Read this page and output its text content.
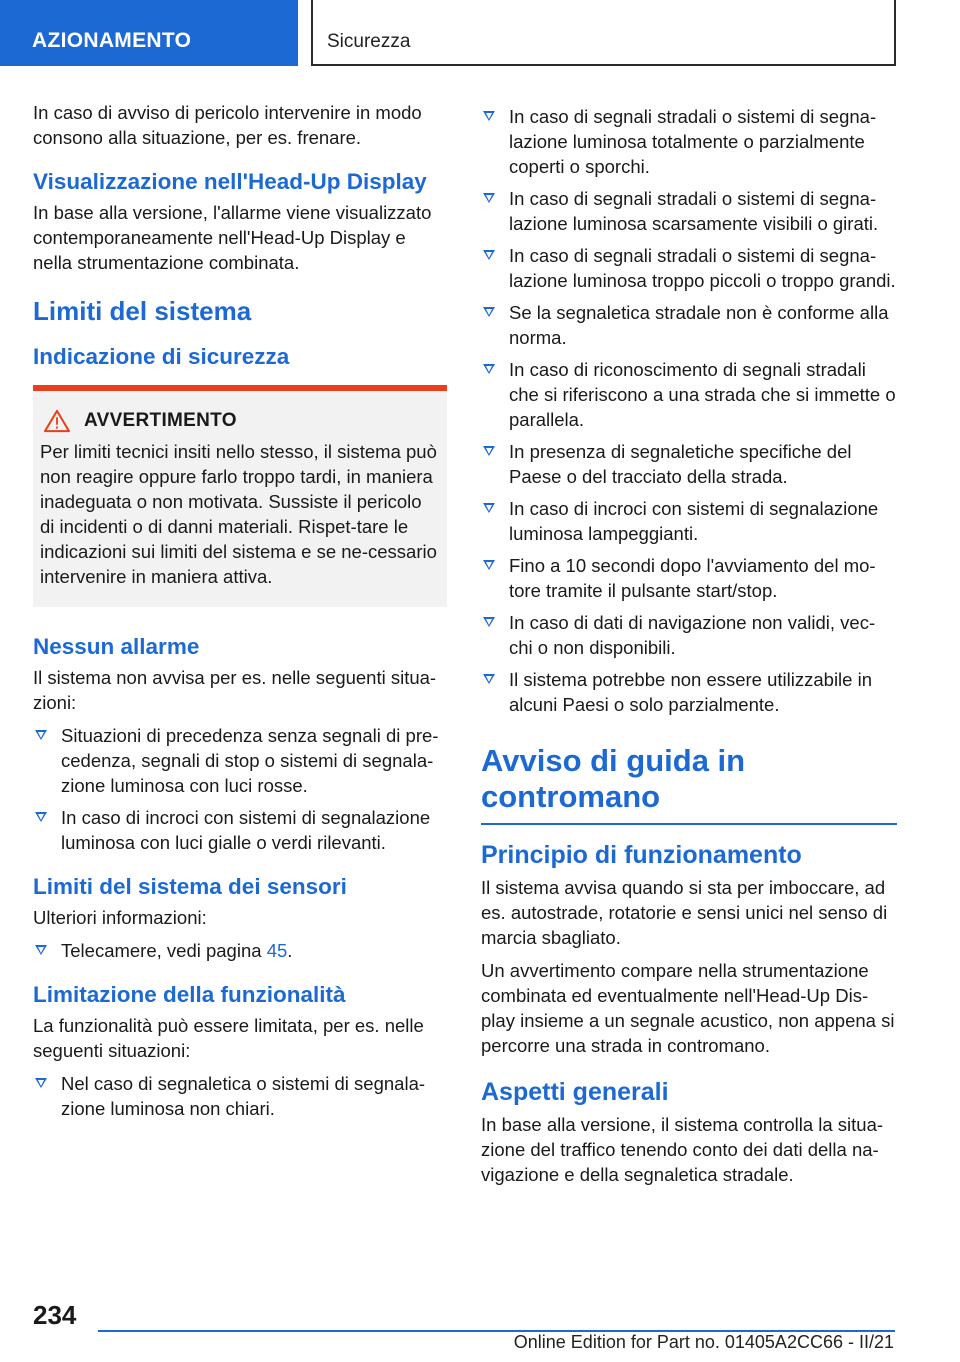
AZIONAMENTO	Sicurezza

In caso di avviso di pericolo intervenire in modo consono alla situazione, per es. frenare.

Visualizzazione nell'Head-Up Display

In base alla versione, l'allarme viene visualizzato contemporaneamente nell'Head-Up Display e nella strumentazione combinata.

Limiti del sistema
Indicazione di sicurezza
AVVERTIMENTO

Per limiti tecnici insiti nello stesso, il sistema può non reagire oppure farlo troppo tardi, in maniera inadeguata o non motivata. Sussiste il pericolo di incidenti o di danni materiali. Rispet-tare le indicazioni sui limiti del sistema e se ne-cessario intervenire in maniera attiva.

Nessun allarme

Il sistema non avvisa per es. nelle seguenti situa-zioni:

Situazioni di precedenza senza segnali di pre-cedenza, segnali di stop o sistemi di segnala-zione luminosa con luci rosse.
In caso di incroci con sistemi di segnalazione luminosa con luci gialle o verdi rilevanti.
Limiti del sistema dei sensori

Ulteriori informazioni:

Telecamere, vedi pagina 45.
Limitazione della funzionalità

La funzionalità può essere limitata, per es. nelle seguenti situazioni:

Nel caso di segnaletica o sistemi di segnala-zione luminosa non chiari.
In caso di segnali stradali o sistemi di segna-lazione luminosa totalmente o parzialmente coperti o sporchi.
In caso di segnali stradali o sistemi di segna-lazione luminosa scarsamente visibili o girati.
In caso di segnali stradali o sistemi di segna-lazione luminosa troppo piccoli o troppo grandi.
Se la segnaletica stradale non è conforme alla norma.
In caso di riconoscimento di segnali stradali che si riferiscono a una strada che si immette o parallela.
In presenza di segnaletiche specifiche del Paese o del tracciato della strada.
In caso di incroci con sistemi di segnalazione luminosa lampeggianti.
Fino a 10 secondi dopo l'avviamento del mo-tore tramite il pulsante start/stop.
In caso di dati di navigazione non validi, vec-chi o non disponibili.
Il sistema potrebbe non essere utilizzabile in alcuni Paesi o solo parzialmente.
Avviso di guida in contromano
Principio di funzionamento

Il sistema avvisa quando si sta per imboccare, ad es. autostrade, rotatorie e sensi unici nel senso di marcia sbagliato.

Un avvertimento compare nella strumentazione combinata ed eventualmente nell'Head-Up Dis-play insieme a un segnale acustico, non appena si percorre una strada in contromano.

Aspetti generali

In base alla versione, il sistema controlla la situa-zione del traffico tenendo conto dei dati della na-vigazione e della segnaletica stradale.

234
Online Edition for Part no. 01405A2CC66 - II/21
